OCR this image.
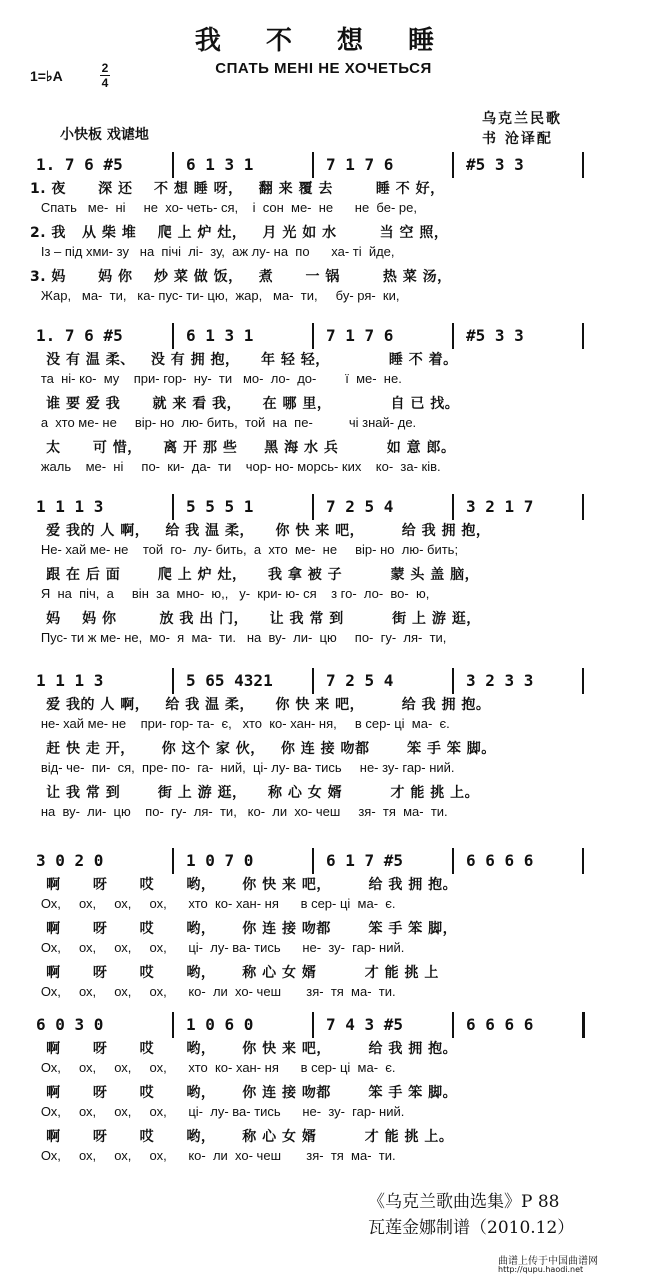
我 不 想 睡
СПАТЬ МЕНІ НЕ ХОЧЕТЬСЯ
1=♭A	2
4
小快板 戏谑地
乌克兰民歌
书 沧译配
1. 7 6 #5	6 1 3 1	7 1 7 6	#5 3 3
1. 夜      深 还    不 想 睡 呀，   翻 来 覆 去        睡 不 好，
Спать   ме-  ні     не  хо- четь- ся,    і  сон  ме-  не      не  бе- ре,
2. 我   从 柴 堆    爬 上 炉 灶，   月 光 如 水        当 空 照，
Із – під хми- зу   на  пічі  лі-  зу,  аж лу- на  по      ха- ті  йде,
3. 妈      妈 你    炒 菜 做 饭，   煮      一 锅        热 菜 汤，
Жар,   ма-  ти,   ка- пус- ти- цю,  жар,   ма-  ти,     бу- ря-  ки,
1. 7 6 #5	6 1 3 1	7 1 7 6	#5 3 3
没 有 温 柔、   没 有 拥 抱，    年 轻 轻，           睡 不 着。
та  ні- ко-  му    при- гор-  ну-  ти   мо-  ло-  до-        ї  ме-  не.
谁 要 爱 我      就 来 看 我，    在 哪 里，           自 已 找。
а  хто ме- не     вір- но  лю- бить,  той  на  пе-          чі знай- де.
太      可 惜，    离 开 那 些     黑 海 水 兵         如 意 郎。
жаль    ме-  ні     по-  ки-  да-  ти    чор- но- морсь- ких    ко-  за- ків.
1 1 1 3	5 5 5 1	7 2 5 4	3 2 1 7
爱 我的 人 啊，   给 我 温 柔，    你 快 来 吧，       给 我 拥 抱，
Не- хай ме- не    той  го-  лу- бить,  а  хто  ме-  не     вір- но  лю- бить;
跟 在 后 面       爬 上 炉 灶，    我 拿 被 子         蒙 头 盖 脑，
Я  на  піч,  а     він  за  мно-  ю,,   у-  кри- ю- ся    з го-  ло-  во-  ю,
妈    妈 你        放 我 出 门，    让 我 常 到         街 上 游 逛，
Пус- ти ж ме- не,  мо-  я  ма-  ти.   на  ву-  ли-  цю     по-  гу-  ля-  ти,
1 1 1 3	5 65 4321	7 2 5 4	3 2 3 3
爱 我的 人 啊，   给 我 温 柔，    你 快 来 吧，       给 我 拥 抱。
не- хай ме- не    при- гор- та-  є,   хто  ко- хан- ня,     в сер- ці  ма-  є.
赶 快 走 开，     你 这个 家 伙，   你 连 接 吻都       笨 手 笨 脚。
від- че-  пи-  ся,  пре- по-  га-  ний,  ці- лу- ва- тись     не- зу- гар- ний.
让 我 常 到       街 上 游 逛，    称 心 女 婿         才 能 挑 上。
на  ву-  ли-  цю    по-  гу-  ля-  ти,   ко-  ли  хо- чеш     зя-  тя  ма-  ти.
3 0 2 0	1 0 7 0	6 1 7 #5	6 6 6 6
啊      呀      哎      哟，     你 快 来 吧，       给 我 拥 抱。
Ох,     ох,     ох,     ох,      хто  ко- хан- ня      в сер- ці  ма-  є.
啊      呀      哎      哟，     你 连 接 吻都       笨 手 笨 脚，
Ох,     ох,     ох,     ох,      ці-  лу- ва- тись      не-  зу-  гар- ний.
啊      呀      哎      哟，     称 心 女 婿         才 能 挑 上
Ох,     ох,     ох,     ох,      ко-  ли  хо- чеш       зя-  тя  ма-  ти.
6 0 3 0	1 0 6 0	7 4 3 #5	6 6 6 6
啊      呀      哎      哟，     你 快 来 吧，       给 我 拥 抱。
Ох,     ох,     ох,     ох,      хто  ко- хан- ня      в сер- ці  ма-  є.
啊      呀      哎      哟，     你 连 接 吻都       笨 手 笨 脚。
Ох,     ох,     ох,     ох,      ці-  лу- ва- тись      не-  зу-  гар- ний.
啊      呀      哎      哟，     称 心 女 婿         才 能 挑 上。
Ох,     ох,     ох,     ох,      ко-  ли  хо- чеш       зя-  тя  ма-  ти.
《乌克兰歌曲选集》P 88
瓦莲金娜制谱（2010.12）
曲谱上传于中国曲谱网
http://qupu.haodi.net
